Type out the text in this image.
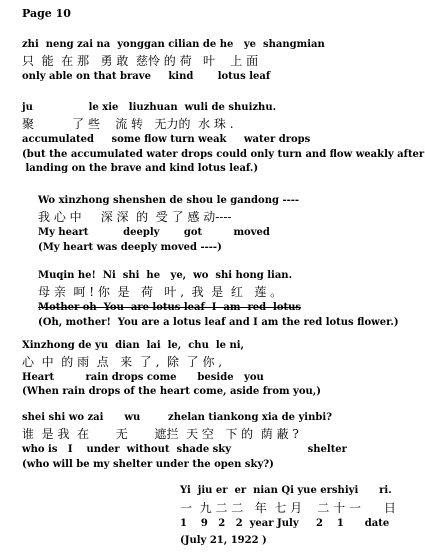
Page 10
zhi  neng zai na  yonggan cilian de he   ye  shangmian
只  能  在 那   勇 敢  慈怜 的 荷   叶    上 面
only able on that brave     kind       lotus leaf
ju                le xie   liuzhuan  wuli de shuizhu.
聚          了 些    流 转   无力的  水 珠 .
accumulated     some flow turn weak     water drops
(but the accumulated water drops could only turn and flow weakly after
landing on the brave and kind lotus leaf.)
Wo xinzhong shenshen de shou le gandong ----
我 心 中     深 深  的  受 了 感 动----
My heart          deeply       got         moved
(My heart was deeply moved ----)
Muqin he!  Ni  shi  he   ye,  wo  shi hong lian.
母 亲  呵 ! 你  是   荷   叶 ,  我  是  红   莲 。
Mother oh  You  are lotus leaf  I  am  red  lotus
(Oh, mother!  You are a lotus leaf and I am the red lotus flower.)
Xinzhong de yu  dian  lai  le,  chu  le ni,
心  中  的 雨  点   来  了 ,  除  了 你 ,
Heart         rain drops come      beside   you
(When rain drops of the heart come, aside from you,)
shei shi wo zai      wu        zhelan tiankong xia de yinbi?
谁  是 我  在       无       遮拦  天 空   下 的  荫 蔽 ?
who is   I    under  without  shade sky                      shelter
(who will be my shelter under the open sky?)
Yi  jiu er  er  nian Qi yue ershiyi      ri.
一  九 二 二   年  七 月    二 十 一      日
1    9   2   2  year July     2    1      date
(July 21, 1922 )
